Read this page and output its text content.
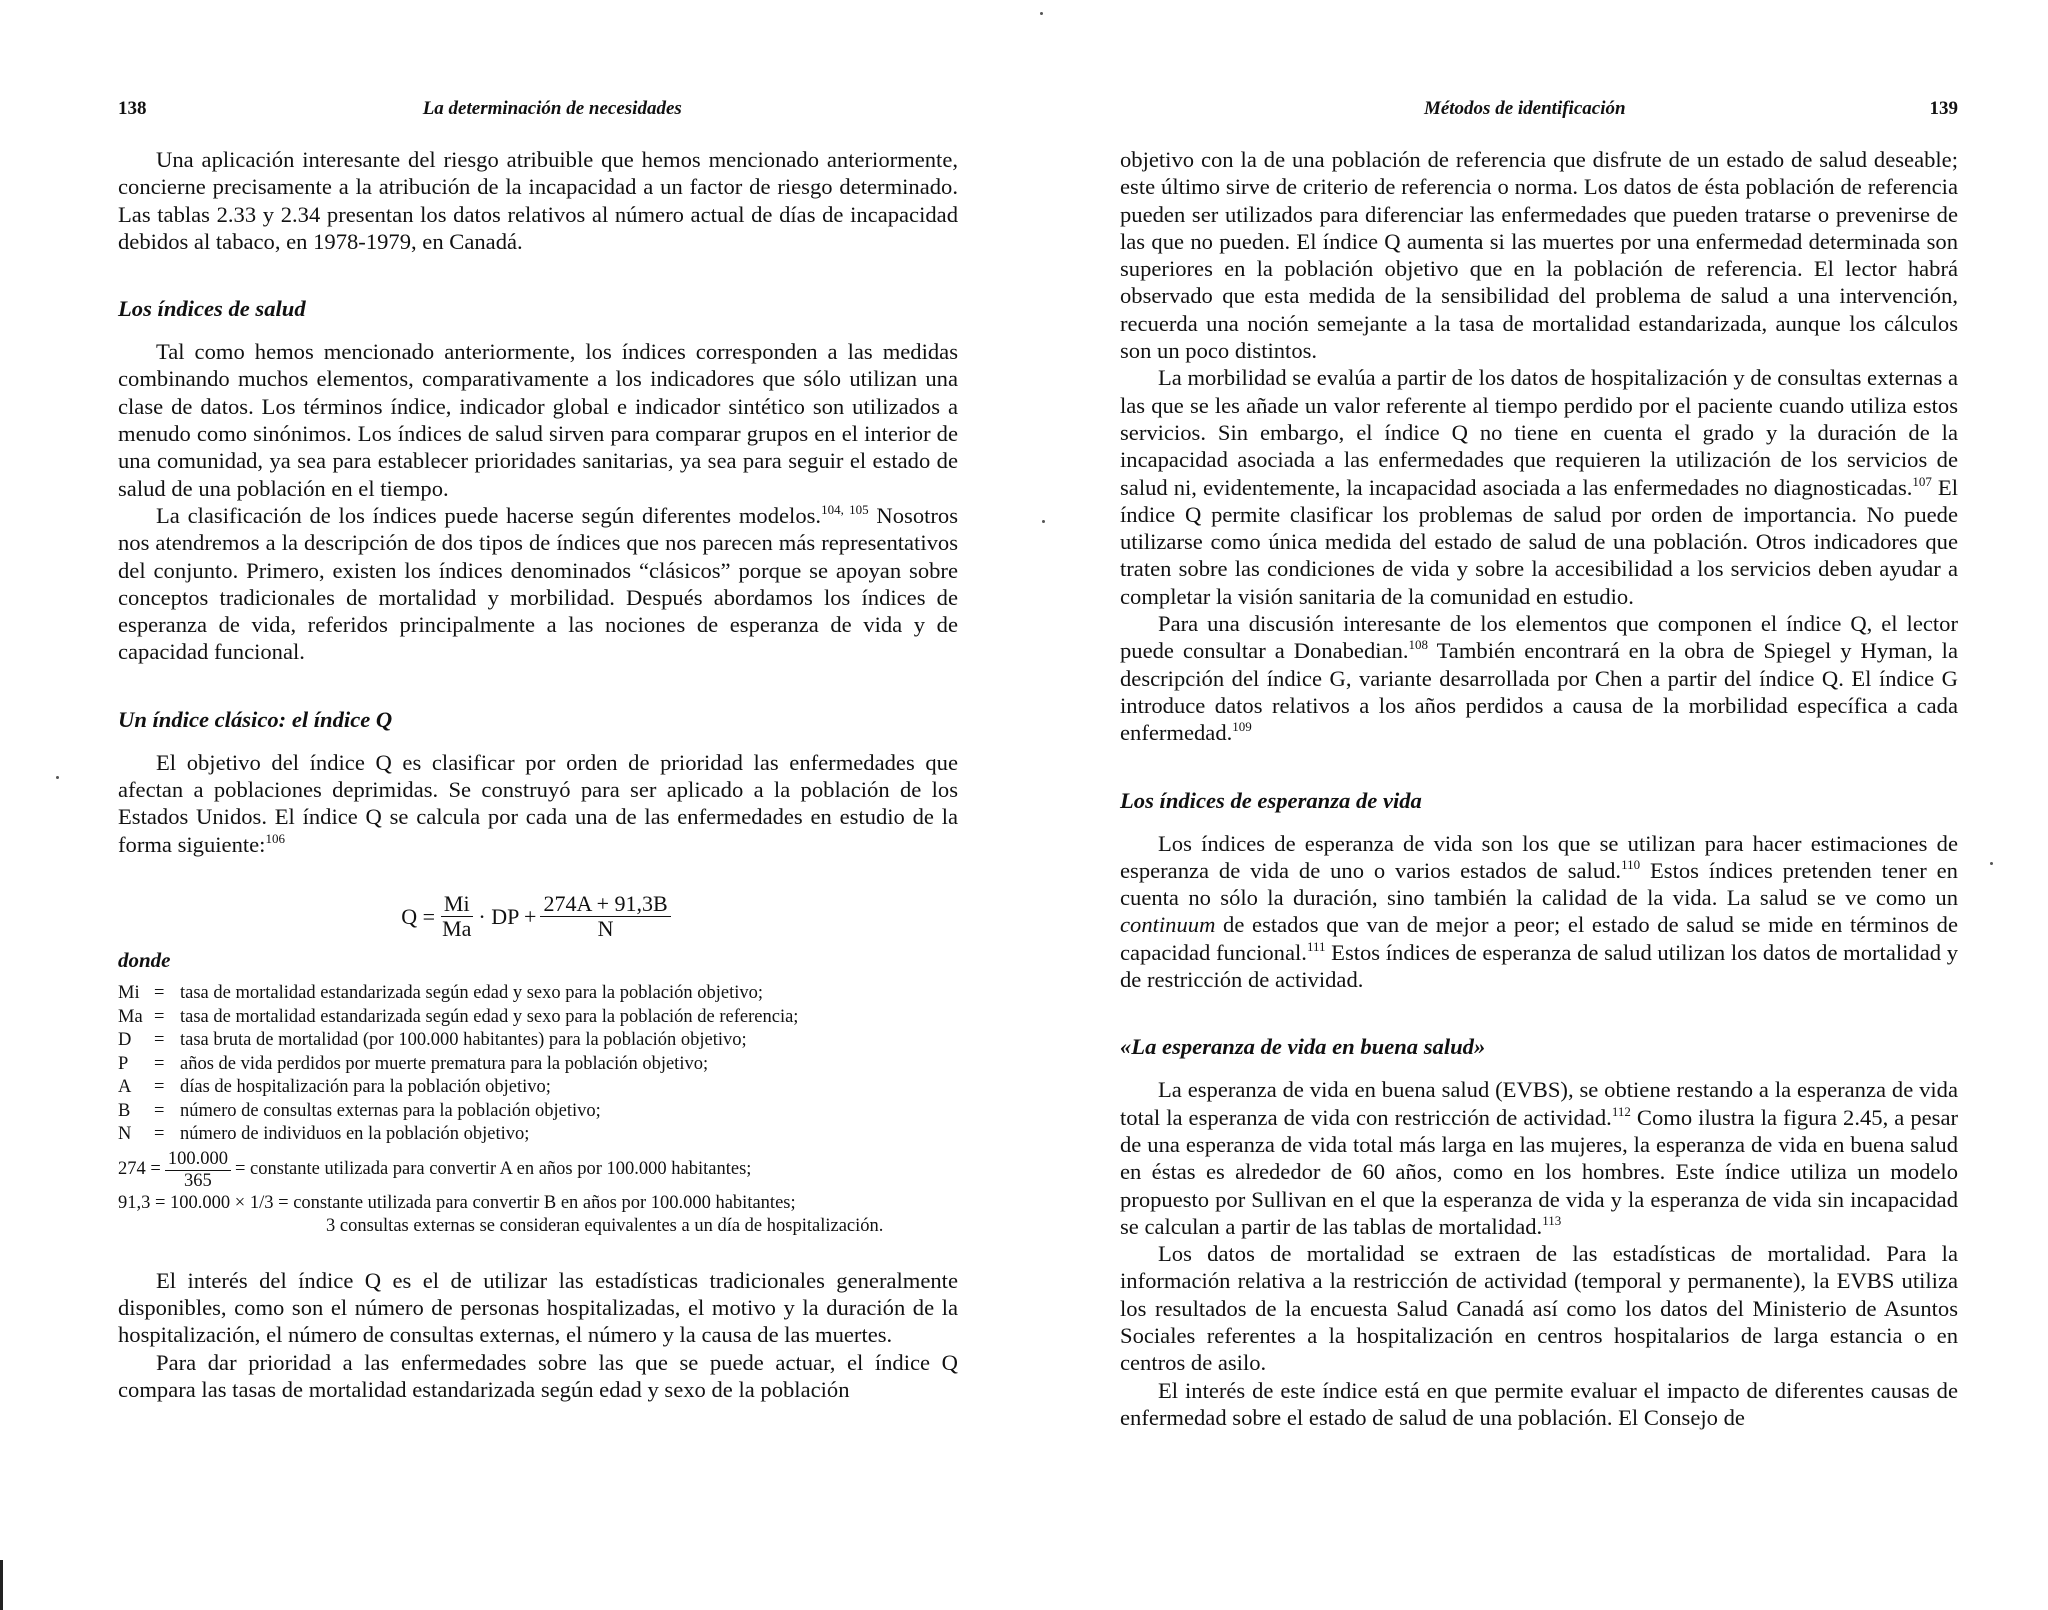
138	La determinación de necesidades

Una aplicación interesante del riesgo atribuible que hemos mencionado anteriormente, concierne precisamente a la atribución de la incapacidad a un factor de riesgo determinado. Las tablas 2.33 y 2.34 presentan los datos relativos al número actual de días de incapacidad debidos al tabaco, en 1978-1979, en Canadá.

Los índices de salud

Tal como hemos mencionado anteriormente, los índices corresponden a las medidas combinando muchos elementos, comparativamente a los indicadores que sólo utilizan una clase de datos. Los términos índice, indicador global e indicador sintético son utilizados a menudo como sinónimos. Los índices de salud sirven para comparar grupos en el interior de una comunidad, ya sea para establecer prioridades sanitarias, ya sea para seguir el estado de salud de una población en el tiempo.

La clasificación de los índices puede hacerse según diferentes modelos.$^{104, 105}$ Nosotros nos atendremos a la descripción de dos tipos de índices que nos parecen más representativos del conjunto. Primero, existen los índices denominados “clásicos” porque se apoyan sobre conceptos tradicionales de mortalidad y morbilidad. Después abordamos los índices de esperanza de vida, referidos principalmente a las nociones de esperanza de vida y de capacidad funcional.

Un índice clásico: el índice Q

El objetivo del índice Q es clasificar por orden de prioridad las enfermedades que afectan a poblaciones deprimidas. Se construyó para ser aplicado a la población de los Estados Unidos. El índice Q se calcula por cada una de las enfermedades en estudio de la forma siguiente:$^{106}$

$Q = \frac{Mi}{Ma}$ · DP + $\frac{274A + 91,3B}{N}$
donde
Mi = tasa de mortalidad estandarizada según edad y sexo para la población objetivo;
Ma = tasa de mortalidad estandarizada según edad y sexo para la población de referencia;
D	= tasa bruta de mortalidad (por 100.000 habitantes) para la población objetivo;
P	= años de vida perdidos por muerte prematura para la población objetivo;
A	= días de hospitalización para la población objetivo;
B	= número de consultas externas para la población objetivo;
N	= número de individuos en la población objetivo;
$274 = \frac{100.000}{365}$ = constante utilizada para convertir A en años por 100.000 habitantes;
91,3 = 100.000 × 1/3 = constante utilizada para convertir B en años por 100.000 habitantes;
3 consultas externas se consideran equivalentes a un día de hospitalización.

El interés del índice Q es el de utilizar las estadísticas tradicionales generalmente disponibles, como son el número de personas hospitalizadas, el motivo y la duración de la hospitalización, el número de consultas externas, el número y la causa de las muertes.

Para dar prioridad a las enfermedades sobre las que se puede actuar, el índice Q compara las tasas de mortalidad estandarizada según edad y sexo de la población

Métodos de identificación	139

objetivo con la de una población de referencia que disfrute de un estado de salud deseable; este último sirve de criterio de referencia o norma. Los datos de ésta población de referencia pueden ser utilizados para diferenciar las enfermedades que pueden tratarse o prevenirse de las que no pueden. El índice Q aumenta si las muertes por una enfermedad determinada son superiores en la población objetivo que en la población de referencia. El lector habrá observado que esta medida de la sensibilidad del problema de salud a una intervención, recuerda una noción semejante a la tasa de mortalidad estandarizada, aunque los cálculos son un poco distintos.

La morbilidad se evalúa a partir de los datos de hospitalización y de consultas externas a las que se les añade un valor referente al tiempo perdido por el paciente cuando utiliza estos servicios. Sin embargo, el índice Q no tiene en cuenta el grado y la duración de la incapacidad asociada a las enfermedades que requieren la utilización de los servicios de salud ni, evidentemente, la incapacidad asociada a las enfermedades no diagnosticadas.$^{107}$ El índice Q permite clasificar los problemas de salud por orden de importancia. No puede utilizarse como única medida del estado de salud de una población. Otros indicadores que traten sobre las condiciones de vida y sobre la accesibilidad a los servicios deben ayudar a completar la visión sanitaria de la comunidad en estudio.

Para una discusión interesante de los elementos que componen el índice Q, el lector puede consultar a Donabedian.$^{108}$ También encontrará en la obra de Spiegel y Hyman, la descripción del índice G, variante desarrollada por Chen a partir del índice Q. El índice G introduce datos relativos a los años perdidos a causa de la morbilidad específica a cada enfermedad.$^{109}$

Los índices de esperanza de vida

Los índices de esperanza de vida son los que se utilizan para hacer estimaciones de esperanza de vida de uno o varios estados de salud.$^{110}$ Estos índices pretenden tener en cuenta no sólo la duración, sino también la calidad de la vida. La salud se ve como un continuum de estados que van de mejor a peor; el estado de salud se mide en términos de capacidad funcional.$^{111}$ Estos índices de esperanza de salud utilizan los datos de mortalidad y de restricción de actividad.

«La esperanza de vida en buena salud»

La esperanza de vida en buena salud (EVBS), se obtiene restando a la esperanza de vida total la esperanza de vida con restricción de actividad.$^{112}$ Como ilustra la figura 2.45, a pesar de una esperanza de vida total más larga en las mujeres, la esperanza de vida en buena salud en éstas es alrededor de 60 años, como en los hombres. Este índice utiliza un modelo propuesto por Sullivan en el que la esperanza de vida y la esperanza de vida sin incapacidad se calculan a partir de las tablas de mortalidad.$^{113}$

Los datos de mortalidad se extraen de las estadísticas de mortalidad. Para la información relativa a la restricción de actividad (temporal y permanente), la EVBS utiliza los resultados de la encuesta Salud Canadá así como los datos del Ministerio de Asuntos Sociales referentes a la hospitalización en centros hospitalarios de larga estancia o en centros de asilo.

El interés de este índice está en que permite evaluar el impacto de diferentes causas de enfermedad sobre el estado de salud de una población. El Consejo de
